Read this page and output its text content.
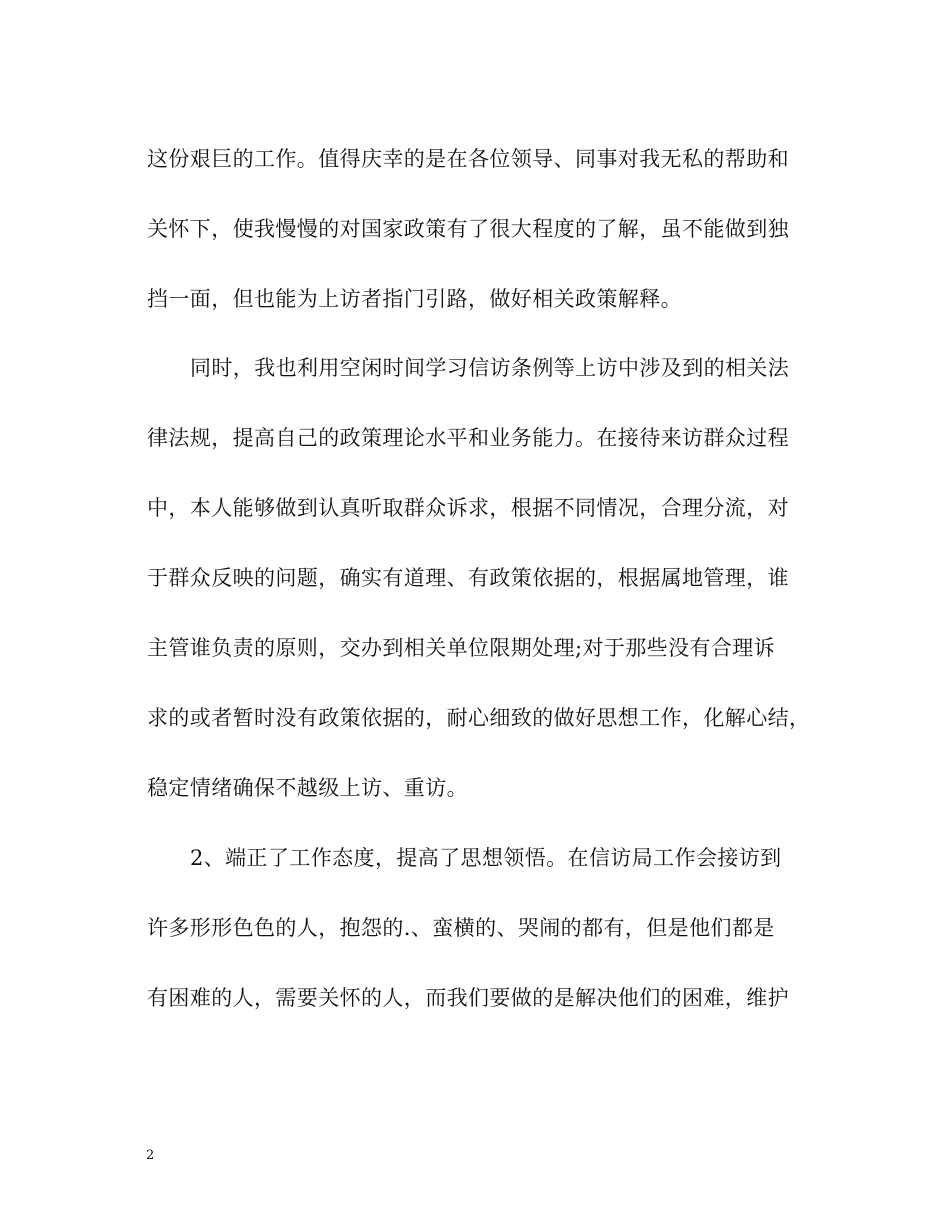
这份艰巨的工作。值得庆幸的是在各位领导、同事对我无私的帮助和
关怀下，使我慢慢的对国家政策有了很大程度的了解，虽不能做到独
挡一面，但也能为上访者指门引路，做好相关政策解释。
同时，我也利用空闲时间学习信访条例等上访中涉及到的相关法
律法规，提高自己的政策理论水平和业务能力。在接待来访群众过程
中，本人能够做到认真听取群众诉求，根据不同情况，合理分流，对
于群众反映的问题，确实有道理、有政策依据的，根据属地管理，谁
主管谁负责的原则，交办到相关单位限期处理;对于那些没有合理诉
求的或者暂时没有政策依据的，耐心细致的做好思想工作，化解心结，
稳定情绪确保不越级上访、重访。
2、端正了工作态度，提高了思想领悟。在信访局工作会接访到
许多形形色色的人，抱怨的.、蛮横的、哭闹的都有，但是他们都是
有困难的人，需要关怀的人，而我们要做的是解决他们的困难，维护
2
